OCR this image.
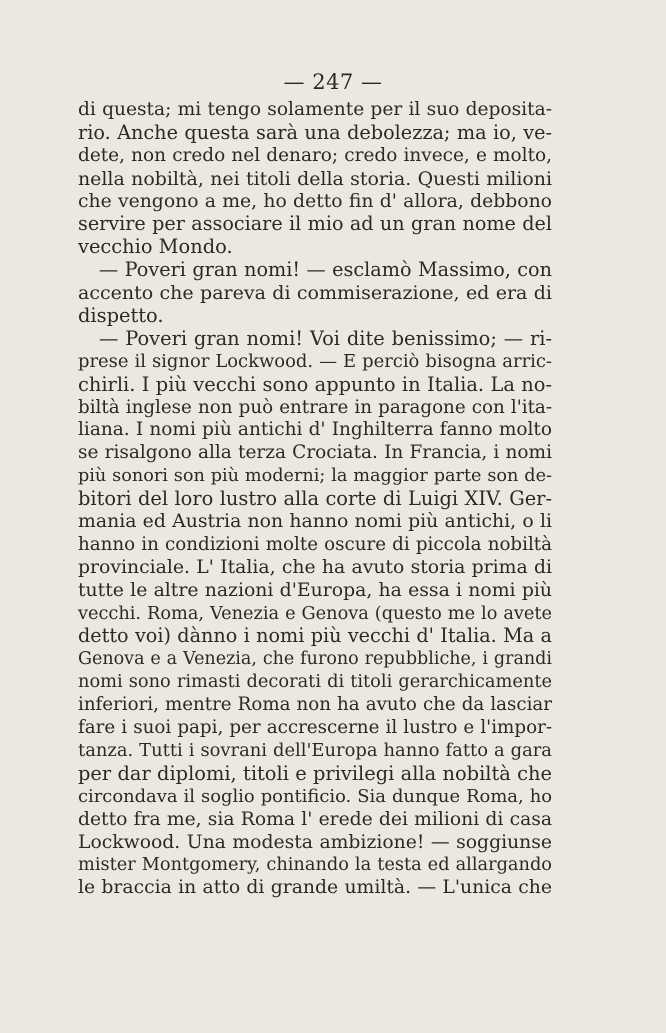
— 247 —
di questa; mi tengo solamente per il suo deposita-
rio. Anche questa sarà una debolezza; ma io, ve-
dete, non credo nel denaro; credo invece, e molto,
nella nobiltà, nei titoli della storia. Questi milioni
che vengono a me, ho detto fin d' allora, debbono
servire per associare il mio ad un gran nome del
vecchio Mondo.
— Poveri gran nomi! — esclamò Massimo, con
accento che pareva di commiserazione, ed era di
dispetto.
— Poveri gran nomi! Voi dite benissimo; — ri-
prese il signor Lockwood. — E perciò bisogna arric-
chirli. I più vecchi sono appunto in Italia. La no-
biltà inglese non può entrare in paragone con l'ita-
liana. I nomi più antichi d' Inghilterra fanno molto
se risalgono alla terza Crociata. In Francia, i nomi
più sonori son più moderni; la maggior parte son de-
bitori del loro lustro alla corte di Luigi XIV. Ger-
mania ed Austria non hanno nomi più antichi, o li
hanno in condizioni molte oscure di piccola nobiltà
provinciale. L' Italia, che ha avuto storia prima di
tutte le altre nazioni d'Europa, ha essa i nomi più
vecchi. Roma, Venezia e Genova (questo me lo avete
detto voi) dànno i nomi più vecchi d' Italia. Ma a
Genova e a Venezia, che furono repubbliche, i grandi
nomi sono rimasti decorati di titoli gerarchicamente
inferiori, mentre Roma non ha avuto che da lasciar
fare i suoi papi, per accrescerne il lustro e l'impor-
tanza. Tutti i sovrani dell'Europa hanno fatto a gara
per dar diplomi, titoli e privilegi alla nobiltà che
circondava il soglio pontificio. Sia dunque Roma, ho
detto fra me, sia Roma l' erede dei milioni di casa
Lockwood. Una modesta ambizione! — soggiunse
mister Montgomery, chinando la testa ed allargando
le braccia in atto di grande umiltà. — L'unica che
